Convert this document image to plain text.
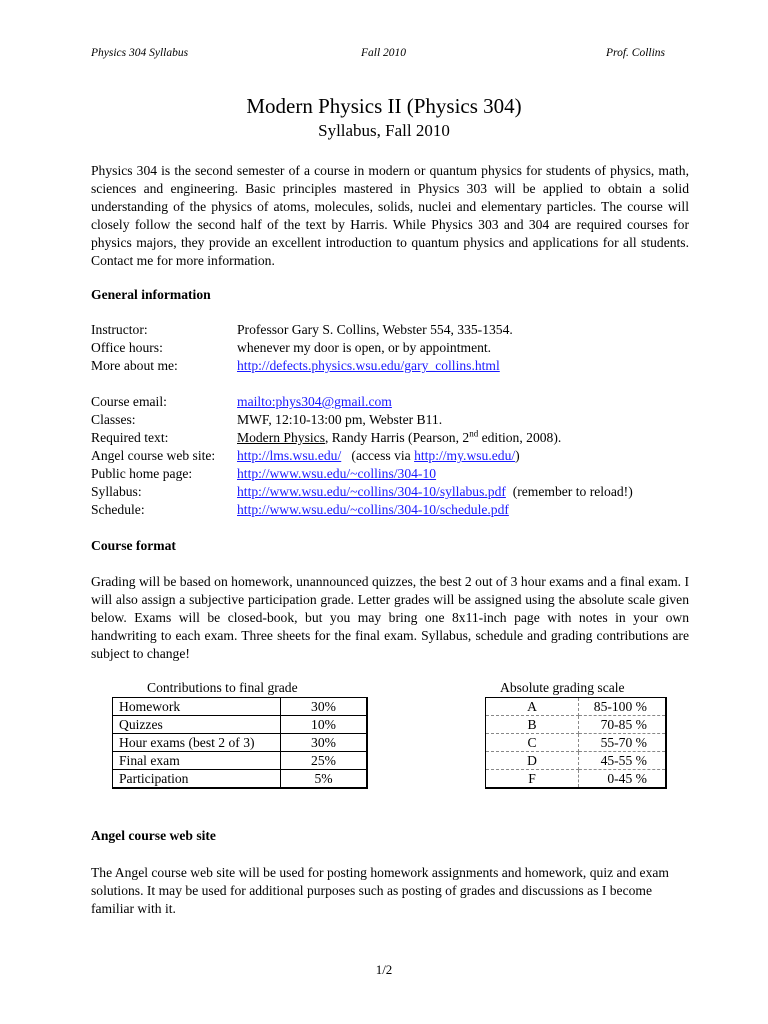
Physics 304 Syllabus	Fall 2010	Prof. Collins
Modern Physics II (Physics 304)
Syllabus, Fall 2010

Physics 304 is the second semester of a course in modern or quantum physics for students of physics, math, sciences and engineering. Basic principles mastered in Physics 303 will be applied to obtain a solid understanding of the physics of atoms, molecules, solids, nuclei and elementary particles. The course will closely follow the second half of the text by Harris. While Physics 303 and 304 are required courses for physics majors, they provide an excellent introduction to quantum physics and applications for all students. Contact me for more information.

General information
Instructor:	Professor Gary S. Collins, Webster 554, 335-1354.
Office hours:	whenever my door is open, or by appointment.
More about me:	http://defects.physics.wsu.edu/gary_collins.html
Course email:	mailto:phys304@gmail.com
Classes:	MWF, 12:10-13:00 pm, Webster B11.
Required text:	Modern Physics, Randy Harris (Pearson, 2nd edition, 2008).
Angel course web site: http://lms.wsu.edu/   (access via http://my.wsu.edu/)
Public home page:	http://www.wsu.edu/~collins/304-10
Syllabus:	http://www.wsu.edu/~collins/304-10/syllabus.pdf  (remember to reload!)
Schedule:	http://www.wsu.edu/~collins/304-10/schedule.pdf
Course format

Grading will be based on homework, unannounced quizzes, the best 2 out of 3 hour exams and a final exam. I will also assign a subjective participation grade. Letter grades will be assigned using the absolute scale given below. Exams will be closed-book, but you may bring one 8x11-inch page with notes in your own handwriting to each exam. Three sheets for the final exam. Syllabus, schedule and grading contributions are subject to change!

Contributions to final grade
Homework	30%
Quizzes	10%
Hour exams (best 2 of 3)	30%
Final exam	25%
Participation	5%
Absolute grading scale
A	85-100 %
B	70-85 %
C	55-70 %
D	45-55 %
F	0-45 %
Angel course web site

The Angel course web site will be used for posting homework assignments and homework, quiz and exam solutions. It may be used for additional purposes such as posting of grades and discussions as I become familiar with it.

1/2
